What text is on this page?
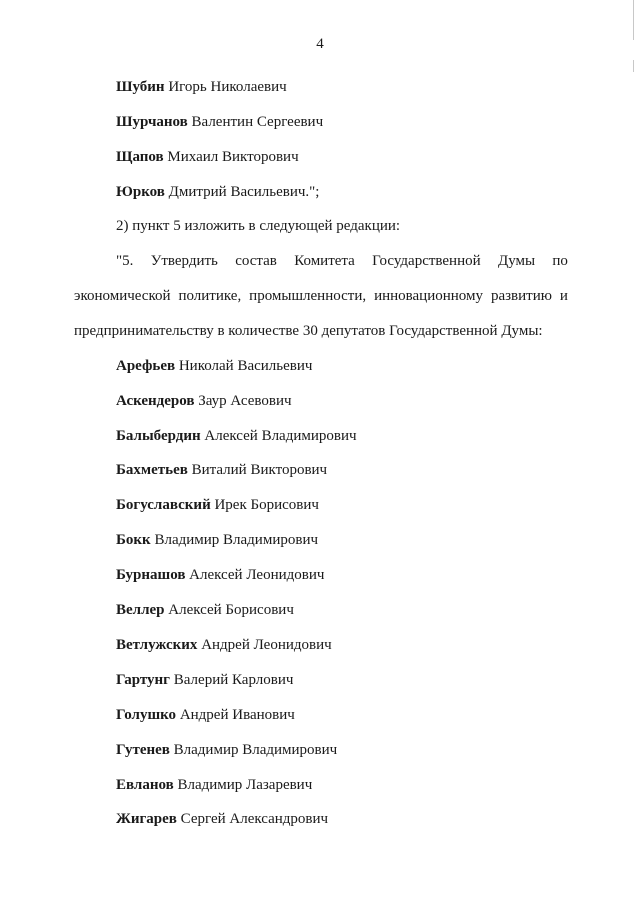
4
Шубин Игорь Николаевич
Шурчанов Валентин Сергеевич
Щапов Михаил Викторович
Юрков Дмитрий Васильевич.";
2) пункт 5 изложить в следующей редакции:
"5. Утвердить состав Комитета Государственной Думы по
экономической политике, промышленности, инновационному развитию и
предпринимательству в количестве 30 депутатов Государственной Думы:
Арефьев Николай Васильевич
Аскендеров Заур Асевович
Балыбердин Алексей Владимирович
Бахметьев Виталий Викторович
Богуславский Ирек Борисович
Бокк Владимир Владимирович
Бурнашов Алексей Леонидович
Веллер Алексей Борисович
Ветлужских Андрей Леонидович
Гартунг Валерий Карлович
Голушко Андрей Иванович
Гутенев Владимир Владимирович
Евланов Владимир Лазаревич
Жигарев Сергей Александрович
